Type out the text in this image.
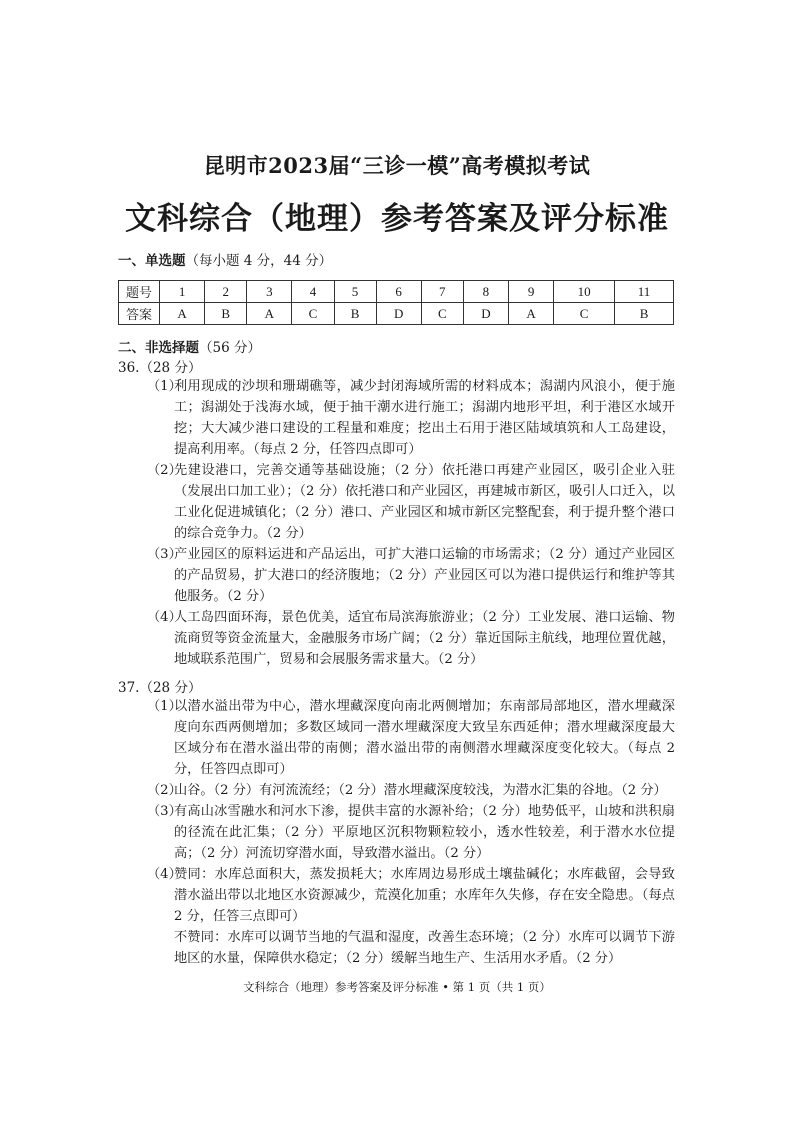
昆明市2023届“三诊一模”高考模拟考试
文科综合（地理）参考答案及评分标准
一、单选题（每小题 4 分，44 分）
题号	1	2	3	4	5	6	7	8	9	10	11
答案	A	B	A	C	B	D	C	D	A	C	B
二、非选择题（56 分）
36.（28 分）
（1）
利用现成的沙坝和珊瑚礁等，减少封闭海域所需的材料成本；潟湖内风浪小，便于施工；潟湖处于浅海水域，便于抽干潮水进行施工；潟湖内地形平坦，利于港区水域开挖；大大减少港口建设的工程量和难度；挖出土石用于港区陆域填筑和人工岛建设，提高利用率。（每点 2 分，任答四点即可）
（2）
先建设港口，完善交通等基础设施；（2 分）依托港口再建产业园区，吸引企业入驻（发展出口加工业）；（2 分）依托港口和产业园区，再建城市新区，吸引人口迁入，以工业化促进城镇化；（2 分）港口、产业园区和城市新区完整配套，利于提升整个港口的综合竞争力。（2 分）
（3）
产业园区的原料运进和产品运出，可扩大港口运输的市场需求；（2 分）通过产业园区的产品贸易，扩大港口的经济腹地；（2 分）产业园区可以为港口提供运行和维护等其他服务。（2 分）
（4）
人工岛四面环海，景色优美，适宜布局滨海旅游业；（2 分）工业发展、港口运输、物流商贸等资金流量大，金融服务市场广阔；（2 分）靠近国际主航线，地理位置优越，地域联系范围广，贸易和会展服务需求量大。（2 分）
37.（28 分）
（1）
以潜水溢出带为中心，潜水埋藏深度向南北两侧增加；东南部局部地区，潜水埋藏深度向东西两侧增加；多数区域同一潜水埋藏深度大致呈东西延伸；潜水埋藏深度最大区域分布在潜水溢出带的南侧；潜水溢出带的南侧潜水埋藏深度变化较大。（每点 2 分，任答四点即可）
（2）
山谷。（2 分）有河流流经；（2 分）潜水埋藏深度较浅，为潜水汇集的谷地。（2 分）
（3）
有高山冰雪融水和河水下渗，提供丰富的水源补给；（2 分）地势低平，山坡和洪积扇的径流在此汇集；（2 分）平原地区沉积物颗粒较小，透水性较差，利于潜水水位提高；（2 分）河流切穿潜水面，导致潜水溢出。（2 分）
（4）
赞同：水库总面积大，蒸发损耗大；水库周边易形成土壤盐碱化；水库截留，会导致潜水溢出带以北地区水资源减少，荒漠化加重；水库年久失修，存在安全隐患。（每点 2 分，任答三点即可）
不赞同：水库可以调节当地的气温和湿度，改善生态环境；（2 分）水库可以调节下游地区的水量，保障供水稳定；（2 分）缓解当地生产、生活用水矛盾。（2 分）
文科综合（地理）参考答案及评分标准 • 第 1 页（共 1 页）
